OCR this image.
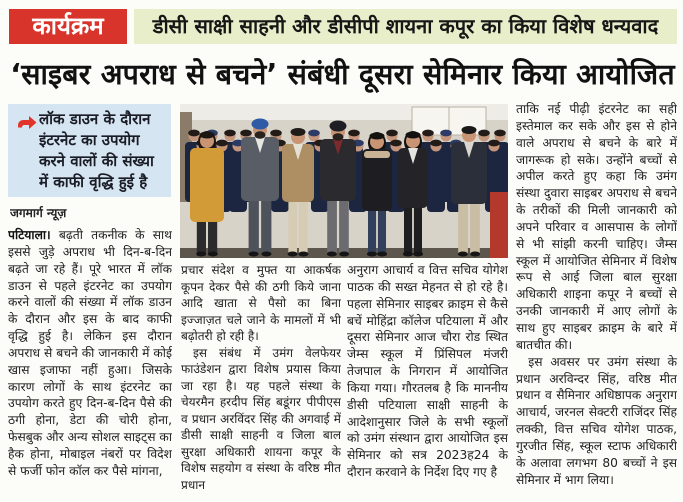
कार्यक्रम	डीसी साक्षी साहनी और डीसीपी शायना कपूर का किया विशेष धन्यवाद
‘साइबर अपराध से बचने’ संबंधी दूसरा सेमिनार किया आयोजित
लॉक डाउन के दौरान
इंटरनेट का उपयोग
करने वालों की संख्या
में काफी वृद्धि हुई है
जगमार्ग न्यूज़

पटियाला। बढ़ती तकनीक के साथ इससे जुड़े अपराध भी दिन-ब-दिन बढ़ते जा रहे हैं। पूरे भारत में लॉक डाउन से पहले इंटरनेट का उपयोग करने वालों की संख्या में लॉक डाउन के दौरान और इस के बाद काफी वृद्धि हुई है। लेकिन इस दौरान अपराध से बचने की जानकारी में कोई खास इजाफा नहीं हुआ। जिसके कारण लोगों के साथ इंटरनेट का उपयोग करते हुए दिन-ब-दिन पैसे की ठगी होना, डेटा की चोरी होना, फेसबुक और अन्य सोशल साइट्स का हैक होना, मोबाइल नंबरों पर विदेश से फर्जी फोन कॉल कर पैसे मांगना,

प्रचार संदेश व मुफ्त या आकर्षक कूपन देकर पैसे की ठगी किये जाना आदि खाता से पैसो का बिना इज्जाज़त चले जाने के मामलों में भी बढ़ोतरी हो रही है।

इस संबंध में उमंग वेलफेयर फाउंडेशन द्वारा विशेष प्रयास किया जा रहा है। यह पहले संस्था के चेयरमैन हरदीप सिंह बडूंगर पीपीएस व प्रधान अरविंदर सिंह की अगवाई में डीसी साक्षी साहनी व जिला बाल सुरक्षा अधिकारी शायना कपूर के विशेष सहयोग व संस्था के वरिष्ठ मीत प्रधान

अनुराग आचार्य व वित्त सचिव योगेश पाठक की सख्त मेहनत से हो रहे है। पहला सेमिनार साइबर क्राइम से कैसे बचें मोहिंद्रा कॉलेज पटियाला में और दूसरा सेमिनार आज चौरा रोड स्थित जेम्स स्कूल में प्रिंसिपल मंजरी तेजपाल के निगरान में आयोजित किया गया। गौरतलब है कि माननीय डीसी पटियाला साक्षी साहनी के आदेशानुसार जिले के सभी स्कूलों को उमंग संस्थान द्वारा आयोजित इस सेमिनार को सत्र 2023ह24 के दौरान करवाने के निर्देश दिए गए है

ताकि नई पीढ़ी इंटरनेट का सही इस्तेमाल कर सके और इस से होने वाले अपराध से बचने के बारे में जागरूक हो सके। उन्होंने बच्चों से अपील करते हुए कहा कि उमंग संस्था दुवारा साइबर अपराध से बचने के तरीकों की मिली जानकारी को अपने परिवार व आसपास के लोगों से भी सांझी करनी चाहिए। जैम्स स्कूल में आयोजित सेमिनार में विशेष रूप से आई जिला बाल सुरक्षा अधिकारी शाइना कपूर ने बच्चों से उनकी जानकारी में आए लोगों के साथ हुए साइबर क्राइम के बारे में बातचीत की।

इस अवसर पर उमंग संस्था के प्रधान अरविन्दर सिंह, वरिष्ठ मीत प्रधान व सैमिनार अधिष्ठापक अनुराग आचार्य, जरनल सेक्टरी राजिंदर सिंह लक्की, वित्त सचिव योगेश पाठक, गुरजीत सिंह, स्कूल स्टाफ अधिकारी के अलावा लगभग 80 बच्चों ने इस सेमिनार में भाग लिया।
